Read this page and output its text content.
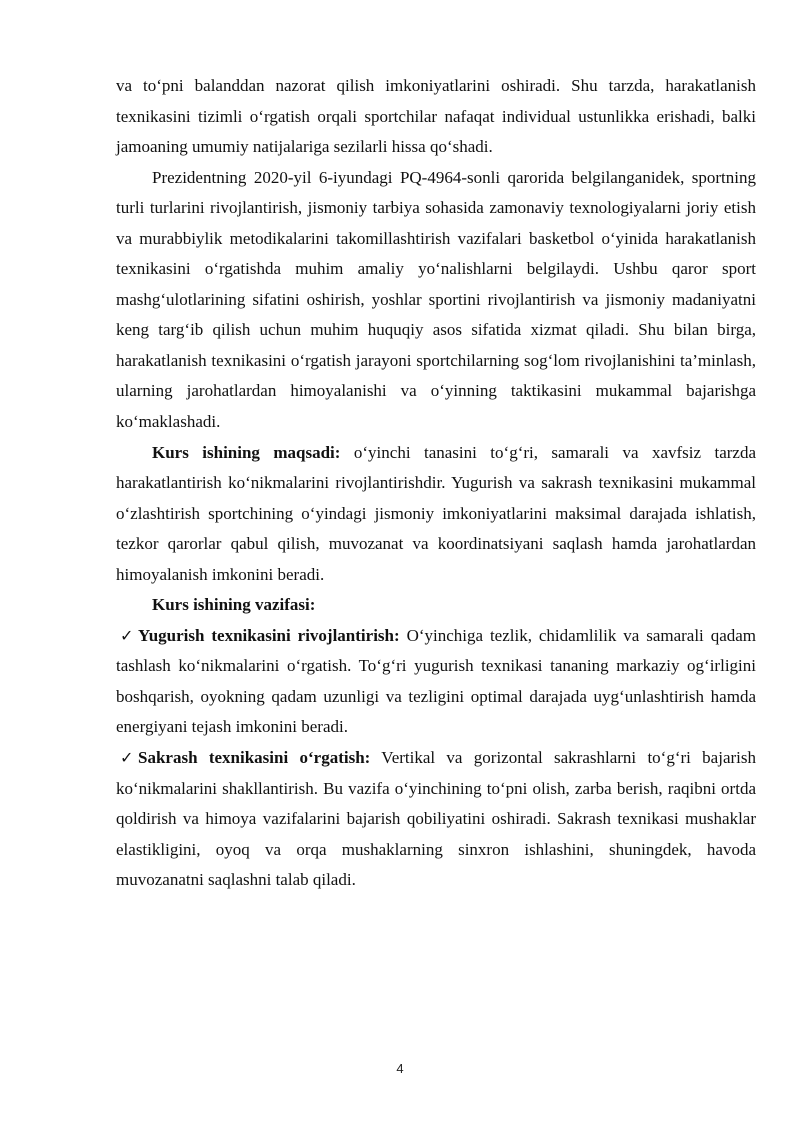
va to‘pni balanddan nazorat qilish imkoniyatlarini oshiradi. Shu tarzda, harakatlanish texnikasini tizimli o‘rgatish orqali sportchilar nafaqat individual ustunlikka erishadi, balki jamoaning umumiy natijalariga sezilarli hissa qo‘shadi.

Prezidentning 2020-yil 6-iyundagi PQ-4964-sonli qarorida belgilanganidek, sportning turli turlarini rivojlantirish, jismoniy tarbiya sohasida zamonaviy texnologiyalarni joriy etish va murabbiylik metodikalarini takomillashtirish vazifalari basketbol o‘yinida harakatlanish texnikasini o‘rgatishda muhim amaliy yo‘nalishlarni belgilaydi. Ushbu qaror sport mashg‘ulotlarining sifatini oshirish, yoshlar sportini rivojlantirish va jismoniy madaniyatni keng targ‘ib qilish uchun muhim huquqiy asos sifatida xizmat qiladi. Shu bilan birga, harakatlanish texnikasini o‘rgatish jarayoni sportchilarning sog‘lom rivojlanishini ta’minlash, ularning jarohatlardan himoyalanishi va o‘yinning taktikasini mukammal bajarishga ko‘maklashadi.

Kurs ishining maqsadi: o‘yinchi tanasini to‘g‘ri, samarali va xavfsiz tarzda harakatlantirish ko‘nikmalarini rivojlantirishdir. Yugurish va sakrash texnikasini mukammal o‘zlashtirish sportchining o‘yindagi jismoniy imkoniyatlarini maksimal darajada ishlatish, tezkor qarorlar qabul qilish, muvozanat va koordinatsiyani saqlash hamda jarohatlardan himoyalanish imkonini beradi.

Kurs ishining vazifasi:

✓ Yugurish texnikasini rivojlantirish: O‘yinchiga tezlik, chidamlilik va samarali qadam tashlash ko‘nikmalarini o‘rgatish. To‘g‘ri yugurish texnikasi tananing markaziy og‘irligini boshqarish, oyokning qadam uzunligi va tezligini optimal darajada uyg‘unlashtirish hamda energiyani tejash imkonini beradi.

✓ Sakrash texnikasini o‘rgatish: Vertikal va gorizontal sakrashlarni to‘g‘ri bajarish ko‘nikmalarini shakllantirish. Bu vazifa o‘yinchining to‘pni olish, zarba berish, raqibni ortda qoldirish va himoya vazifalarini bajarish qobiliyatini oshiradi. Sakrash texnikasi mushaklar elastikligini, oyoq va orqa mushaklarning sinxron ishlashini, shuningdek, havoda muvozanatni saqlashni talab qiladi.

4
